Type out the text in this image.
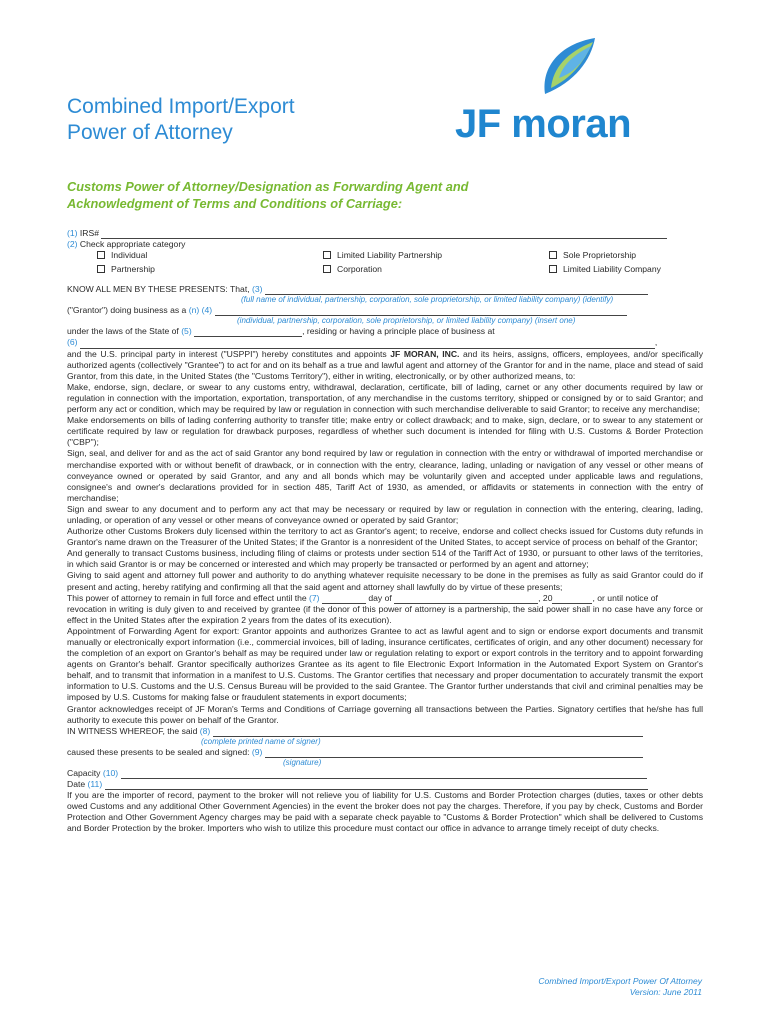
Combined Import/Export
Power of Attorney	JF moran
Customs Power of Attorney/Designation as Forwarding Agent and
Acknowledgment of Terms and Conditions of Carriage:
(1) IRS#
(2) Check appropriate category
Individual	Limited Liability Partnership	Sole Proprietorship
Partnership	Corporation	Limited Liability Company
KNOW ALL MEN BY THESE PRESENTS: That, (3)
(full name of individual, partnership, corporation, sole proprietorship, or limited liability company) (identify)
("Grantor") doing business as a (n) (4)
(individual, partnership, corporation, sole proprietorship, or limited liability company) (insert one)
under the laws of the State of (5)	, residing or having a principle place of business at
(6)	,
and the U.S. principal party in interest ("USPPI") hereby constitutes and appoints JF MORAN, INC. and its heirs, assigns, officers, employees, and/or specifically authorized agents (collectively "Grantee") to act for and on its behalf as a true and lawful agent and attorney of the Grantor for and in the name, place and stead of said Grantor, from this date, in the United States (the "Customs Territory"), either in writing, electronically, or by other authorized means, to:
Make, endorse, sign, declare, or swear to any customs entry, withdrawal, declaration, certificate, bill of lading, carnet or any other documents required by law or regulation in connection with the importation, exportation, transportation, of any merchandise in the customs territory, shipped or consigned by or to said Grantor; and perform any act or condition, which may be required by law or regulation in connection with such merchandise deliverable to said Grantor; to receive any merchandise;
Make endorsements on bills of lading conferring authority to transfer title; make entry or collect drawback; and to make, sign, declare, or to swear to any statement or certificate required by law or regulation for drawback purposes, regardless of whether such document is intended for filing with U.S. Customs & Border Protection ("CBP");
Sign, seal, and deliver for and as the act of said Grantor any bond required by law or regulation in connection with the entry or withdrawal of imported merchandise or merchandise exported with or without benefit of drawback, or in connection with the entry, clearance, lading, unlading or navigation of any vessel or other means of conveyance owned or operated by said Grantor, and any and all bonds which may be voluntarily given and accepted under applicable laws and regulations, consignee's and owner's declarations provided for in section 485, Tariff Act of 1930, as amended, or affidavits or statements in connection with the entry of merchandise;
Sign and swear to any document and to perform any act that may be necessary or required by law or regulation in connection with the entering, clearing, lading, unlading, or operation of any vessel or other means of conveyance owned or operated by said Grantor;
Authorize other Customs Brokers duly licensed within the territory to act as Grantor's agent; to receive, endorse and collect checks issued for Customs duty refunds in Grantor's name drawn on the Treasurer of the United States; if the Grantor is a nonresident of the United States, to accept service of process on behalf of the Grantor;
And generally to transact Customs business, including filing of claims or protests under section 514 of the Tariff Act of 1930, or pursuant to other laws of the territories, in which said Grantor is or may be concerned or interested and which may properly be transacted or performed by an agent and attorney;
Giving to said agent and attorney full power and authority to do anything whatever requisite necessary to be done in the premises as fully as said Grantor could do if present and acting, hereby ratifying and confirming all that the said agent and attorney shall lawfully do by virtue of these presents;
This power of attorney to remain in full force and effect until the (7)	day of	, 20	, or until notice of
revocation in writing is duly given to and received by grantee (if the donor of this power of attorney is a partnership, the said power shall in no case have any force or effect in the United States after the expiration 2 years from the dates of its execution).
Appointment of Forwarding Agent for export: Grantor appoints and authorizes Grantee to act as lawful agent and to sign or endorse export documents and transmit manually or electronically export information (i.e., commercial invoices, bill of lading, insurance certificates, certificates of origin, and any other document) necessary for the completion of an export on Grantor's behalf as may be required under law or regulation relating to export or export controls in the territory and to appoint forwarding agents on Grantor's behalf. Grantor specifically authorizes Grantee as its agent to file Electronic Export Information in the Automated Export System on Grantor's behalf, and to transmit that information in a manifest to U.S. Customs. The Grantor certifies that necessary and proper documentation to accurately transmit the export information to U.S. Customs and the U.S. Census Bureau will be provided to the said Grantee. The Grantor further understands that civil and criminal penalties may be imposed by U.S. Customs for making false or fraudulent statements in export documents;
Grantor acknowledges receipt of JF Moran's Terms and Conditions of Carriage governing all transactions between the Parties. Signatory certifies that he/she has full authority to execute this power on behalf of the Grantor.
IN WITNESS WHEREOF, the said (8)
(complete printed name of signer)
caused these presents to be sealed and signed: (9)
(signature)
Capacity (10)
Date (11)
If you are the importer of record, payment to the broker will not relieve you of liability for U.S. Customs and Border Protection charges (duties, taxes or other debts owed Customs and any additional Other Government Agencies) in the event the broker does not pay the charges. Therefore, if you pay by check, Customs and Border Protection and Other Government Agency charges may be paid with a separate check payable to "Customs & Border Protection" which shall be delivered to Customs and Border Protection by the broker. Importers who wish to utilize this procedure must contact our office in advance to arrange timely receipt of duty checks.
Combined Import/Export Power Of Attorney
Version: June 2011
